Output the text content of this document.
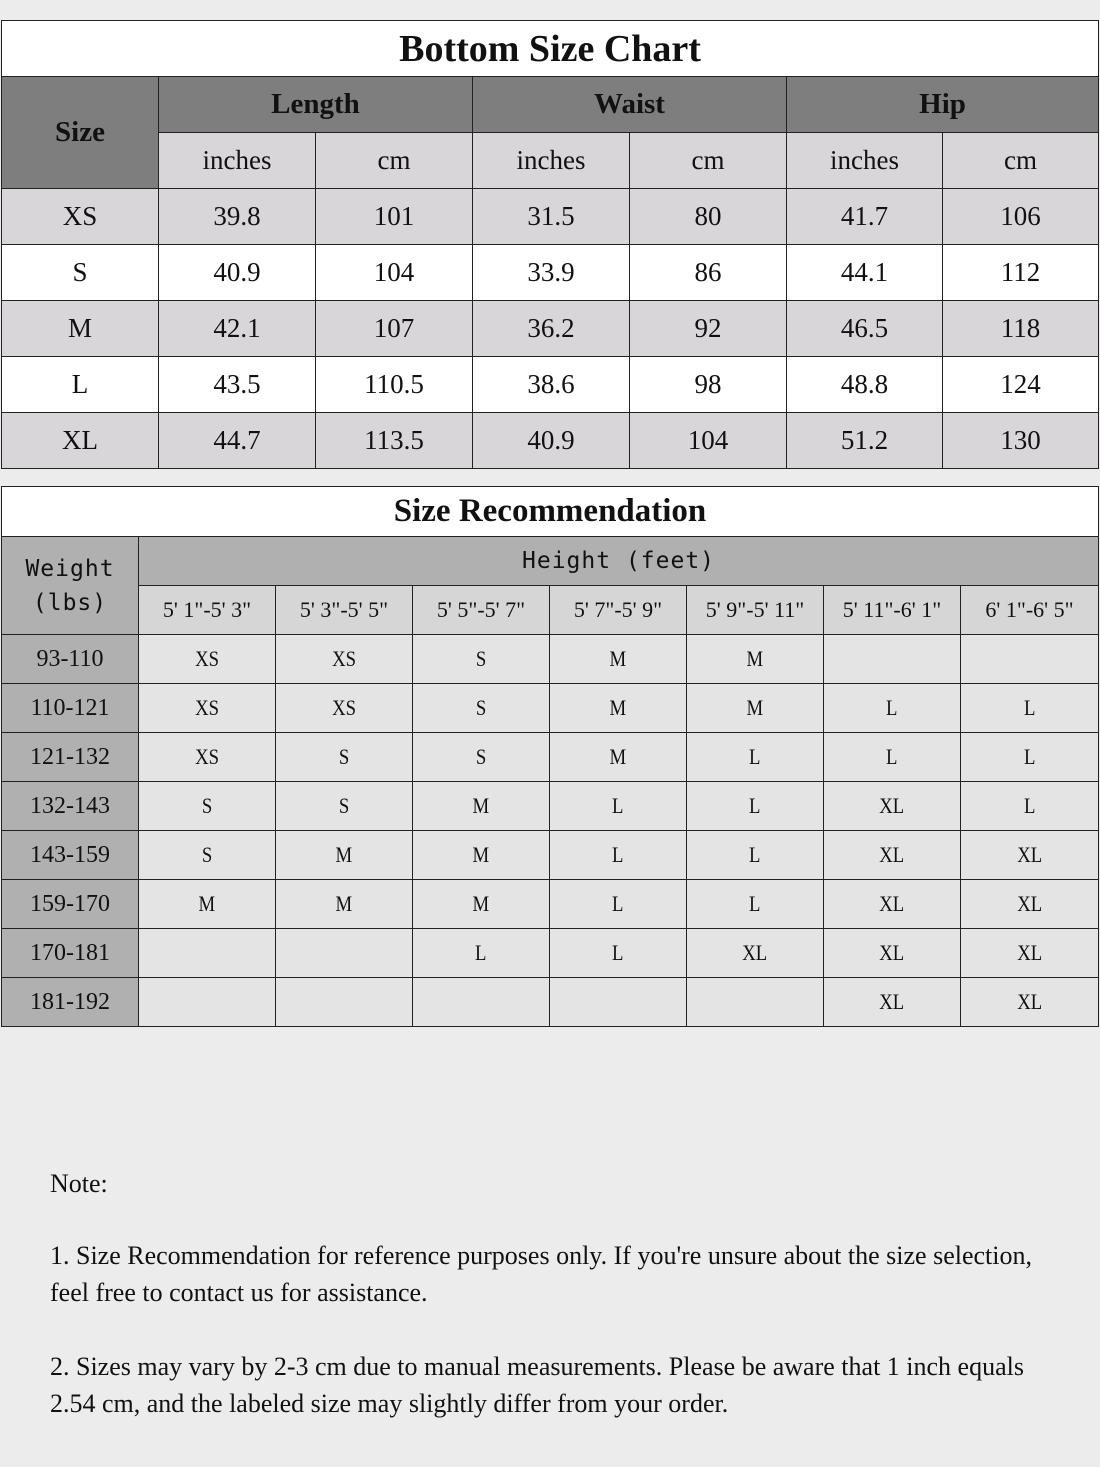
Bottom Size Chart						
Size	Length		Waist		Hip	
	inches	cm	inches	cm	inches	cm
XS	39.8	101	31.5	80	41.7	106
S	40.9	104	33.9	86	44.1	112
M	42.1	107	36.2	92	46.5	118
L	43.5	110.5	38.6	98	48.8	124
XL	44.7	113.5	40.9	104	51.2	130
Size Recommendation							
Weight
(lbs)	Height (feet)						
	5' 1"-5' 3"	5' 3"-5' 5"	5' 5"-5' 7"	5' 7"-5' 9"	5' 9"-5' 11"	5' 11"-6' 1"	6' 1"-6' 5"
93-110	XS	XS	S	M	M		
110-121	XS	XS	S	M	M	L	L
121-132	XS	S	S	M	L	L	L
132-143	S	S	M	L	L	XL	L
143-159	S	M	M	L	L	XL	XL
159-170	M	M	M	L	L	XL	XL
170-181			L	L	XL	XL	XL
181-192						XL	XL

Note:

1. Size Recommendation for reference purposes only. If you're unsure about the size selection, feel free to contact us for assistance.

2. Sizes may vary by 2-3 cm due to manual measurements. Please be aware that 1 inch equals 2.54 cm, and the labeled size may slightly differ from your order.
